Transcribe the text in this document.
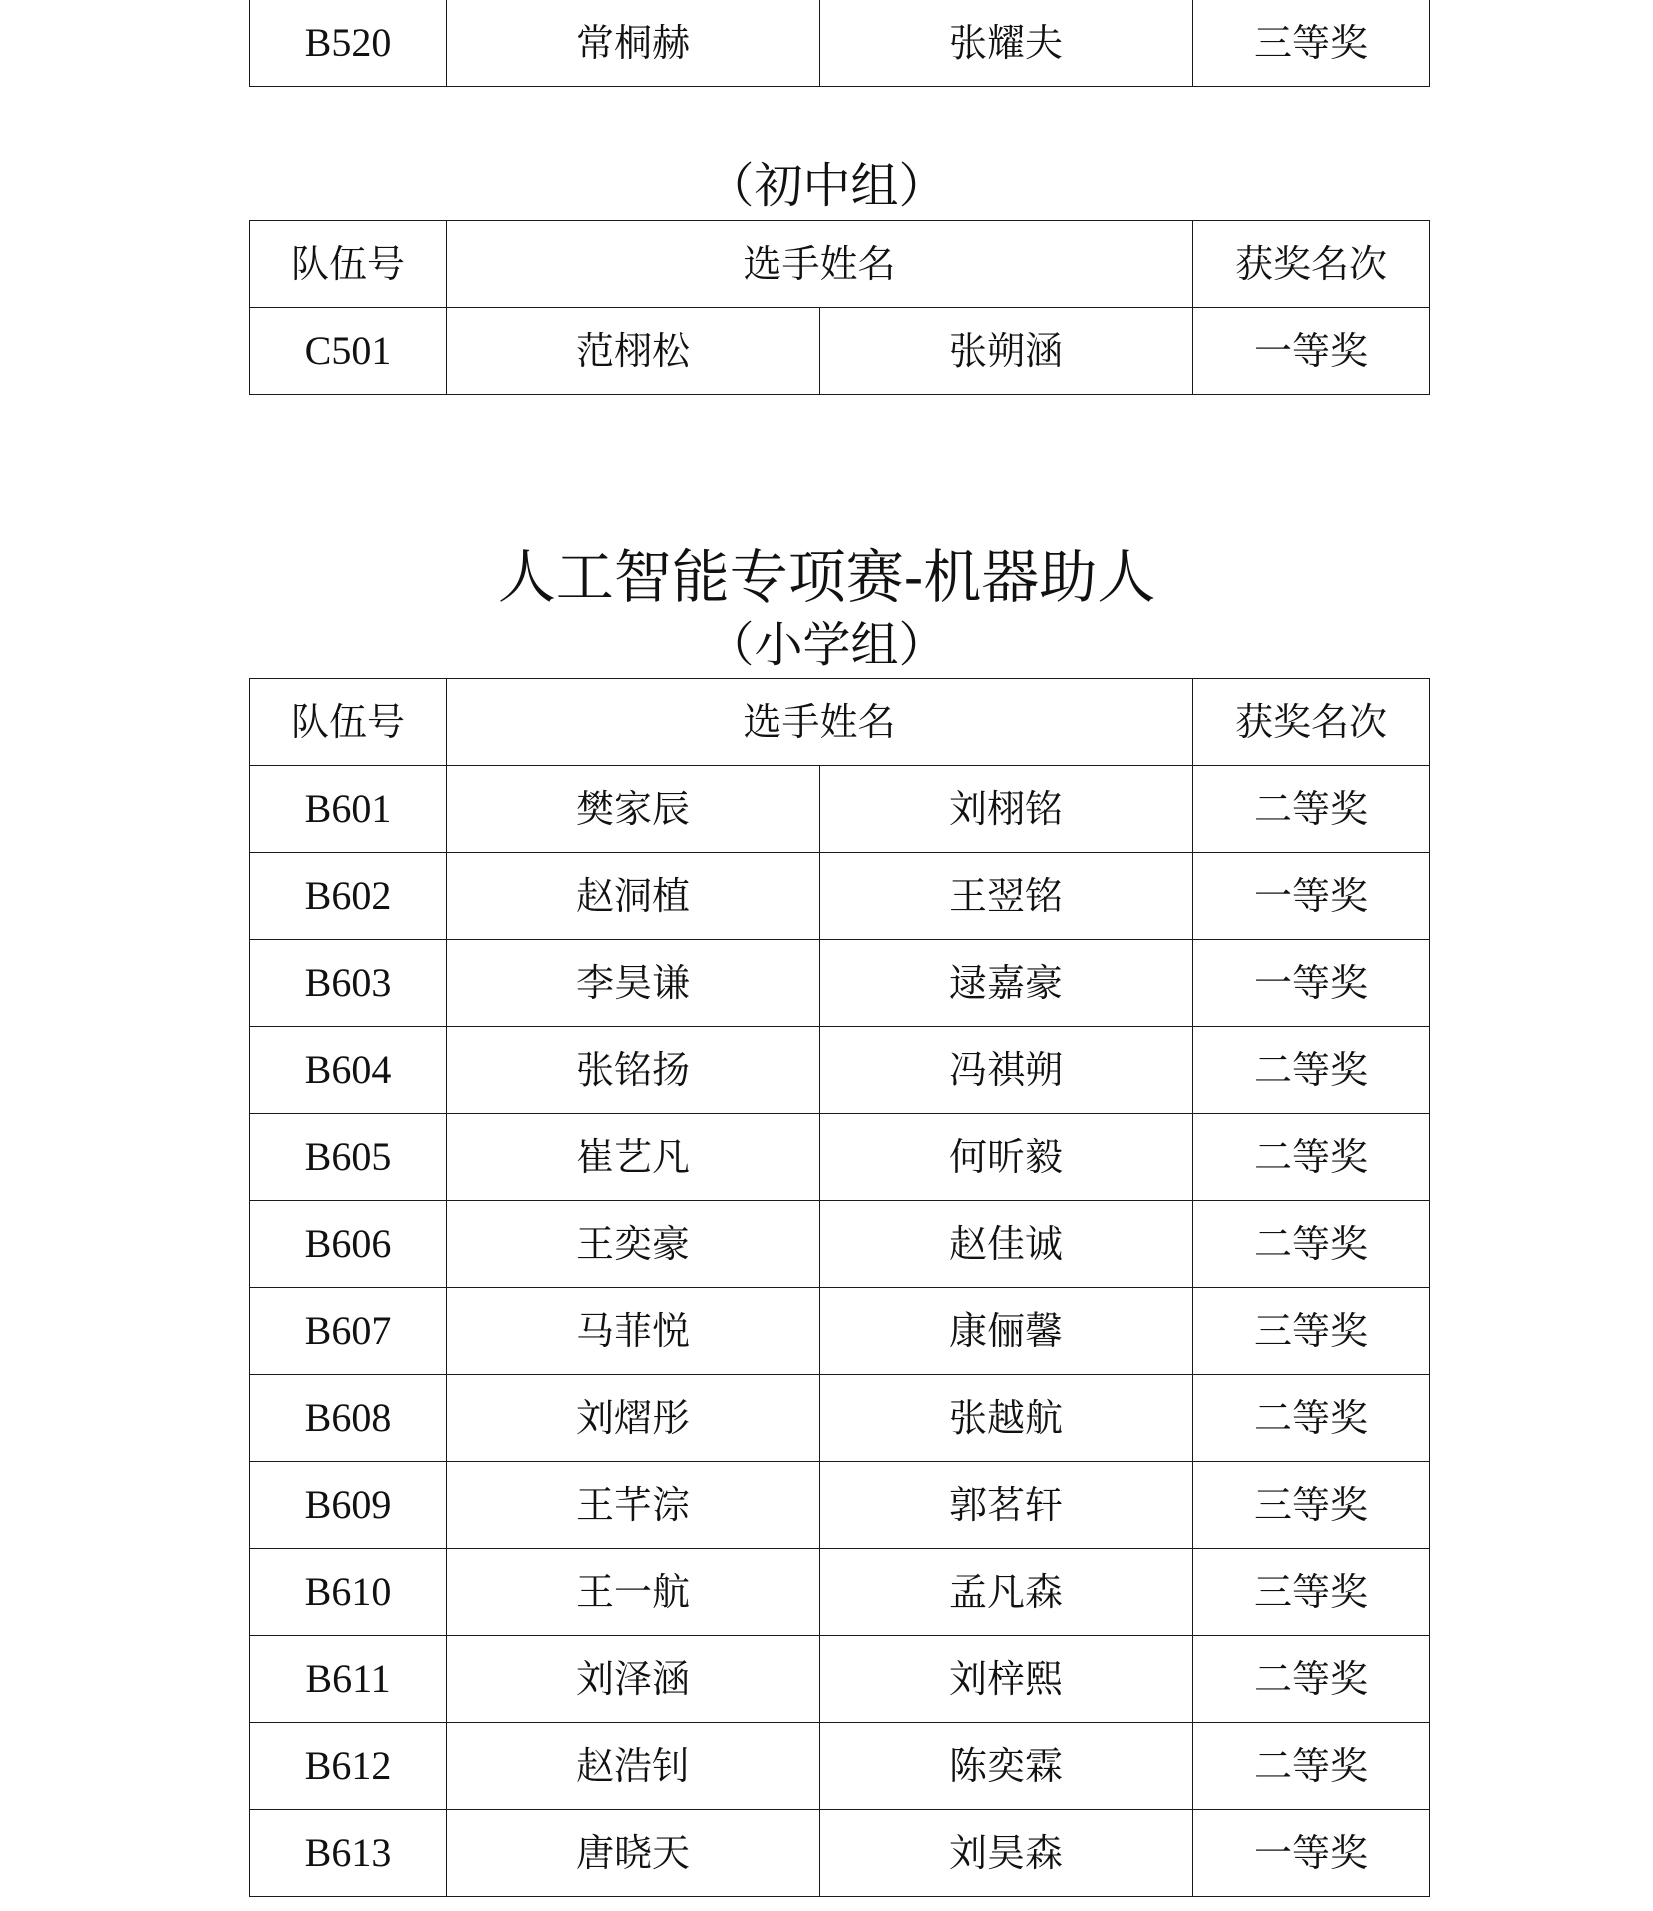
B520	常桐赫	张耀夫	三等奖
（初中组）
队伍号	选手姓名		获奖名次
C501	范栩松	张朔涵	一等奖
人工智能专项赛-机器助人
（小学组）
队伍号	选手姓名		获奖名次
B601	樊家辰	刘栩铭	二等奖
B602	赵洞植	王翌铭	一等奖
B603	李昊谦	逯嘉豪	一等奖
B604	张铭扬	冯祺朔	二等奖
B605	崔艺凡	何昕毅	二等奖
B606	王奕豪	赵佳诚	二等奖
B607	马菲悦	康俪馨	三等奖
B608	刘熠彤	张越航	二等奖
B609	王芊淙	郭茗轩	三等奖
B610	王一航	孟凡森	三等奖
B611	刘泽涵	刘梓熙	二等奖
B612	赵浩钊	陈奕霖	二等奖
B613	唐晓天	刘昊森	一等奖
